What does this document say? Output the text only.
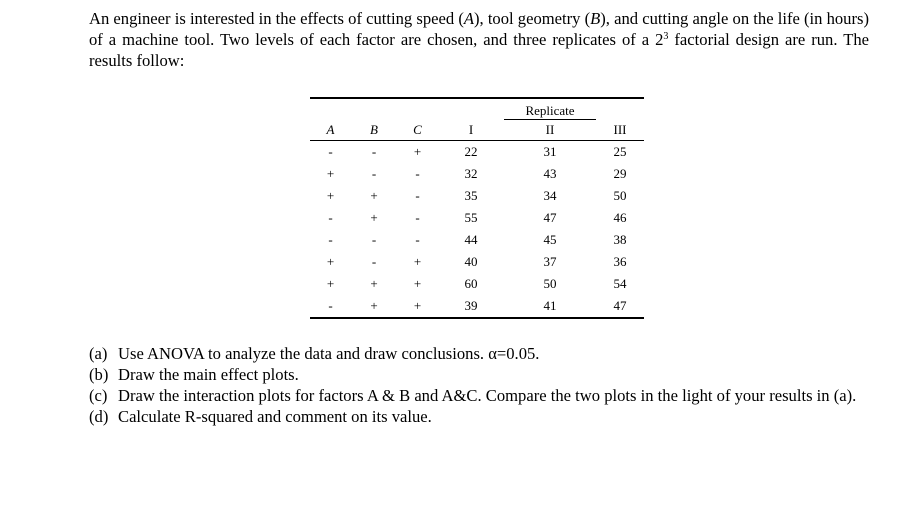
An engineer is interested in the effects of cutting speed (A), tool geometry (B), and cutting angle on the life (in hours) of a machine tool. Two levels of each factor are chosen, and three replicates of a $2^3$ factorial design are run. The results follow:

				Replicate	
A	B	C	I	II	III
-	-	+	22	31	25
+	-	-	32	43	29
+	+	-	35	34	50
-	+	-	55	47	46
-	-	-	44	45	38
+	-	+	40	37	36
+	+	+	60	50	54
-	+	+	39	41	47
(a) Use ANOVA to analyze the data and draw conclusions. α=0.05.
(b) Draw the main effect plots.
(c) Draw the interaction plots for factors A & B and A&C. Compare the two plots in the light of your results in (a).
(d) Calculate R-squared and comment on its value.
